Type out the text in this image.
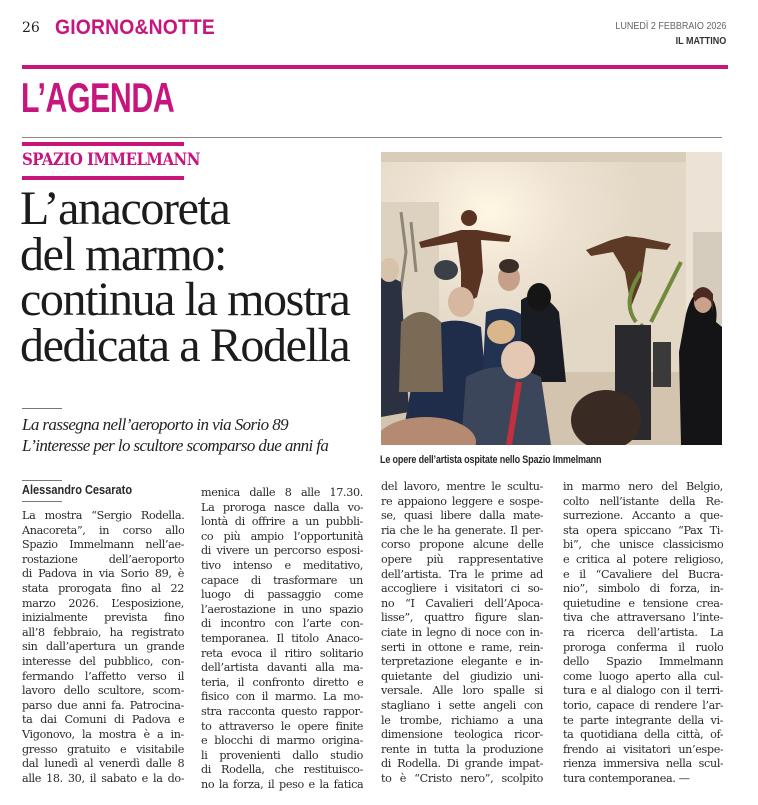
26 GIORNO&NOTTE	LUNEDÌ 2 FEBBRAIO 2026
IL MATTINO
L’AGENDA
SPAZIO IMMELMANN
L’anacoreta
del marmo:
continua la mostra
dedicata a Rodella
La rassegna nell’aeroporto in via Sorio 89
L’interesse per lo scultore scomparso due anni fa
Alessandro Cesarato
Le opere dell’artista ospitate nello Spazio Immelmann
La mostra “Sergio Rodella.
Anacoreta”, in corso allo
Spazio Immelmann nell’ae-
rostazione dell’aeroporto
di Padova in via Sorio 89, è
stata prorogata fino al 22
marzo 2026. L’esposizione,
inizialmente prevista fino
all’8 febbraio, ha registrato
sin dall’apertura un grande
interesse del pubblico, con-
fermando l’affetto verso il
lavoro dello scultore, scom-
parso due anni fa. Patrocina-
ta dai Comuni di Padova e
Vigonovo, la mostra è a in-
gresso gratuito e visitabile
dal lunedì al venerdì dalle 8
alle 18. 30, il sabato e la do-
menica dalle 8 alle 17.30.
La proroga nasce dalla vo-
lontà di offrire a un pubbli-
co più ampio l’opportunità
di vivere un percorso esposi-
tivo intenso e meditativo,
capace di trasformare un
luogo di passaggio come
l’aerostazione in uno spazio
di incontro con l’arte con-
temporanea. Il titolo Anaco-
reta evoca il ritiro solitario
dell’artista davanti alla ma-
teria, il confronto diretto e
fisico con il marmo. La mo-
stra racconta questo rappor-
to attraverso le opere finite
e blocchi di marmo origina-
li provenienti dallo studio
di Rodella, che restituisco-
no la forza, il peso e la fatica
del lavoro, mentre le scultu-
re appaiono leggere e sospe-
se, quasi libere dalla mate-
ria che le ha generate. Il per-
corso propone alcune delle
opere più rappresentative
dell’artista. Tra le prime ad
accogliere i visitatori ci so-
no “I Cavalieri dell’Apoca-
lisse”, quattro figure slan-
ciate in legno di noce con in-
serti in ottone e rame, rein-
terpretazione elegante e in-
quietante del giudizio uni-
versale. Alle loro spalle si
stagliano i sette angeli con
le trombe, richiamo a una
dimensione teologica ricor-
rente in tutta la produzione
di Rodella. Di grande impat-
to è “Cristo nero”, scolpito
in marmo nero del Belgio,
colto nell’istante della Re-
surrezione. Accanto a que-
sta opera spiccano “Pax Ti-
bi”, che unisce classicismo
e critica al potere religioso,
e il “Cavaliere del Bucra-
nio”, simbolo di forza, in-
quietudine e tensione crea-
tiva che attraversano l’inte-
ra ricerca dell’artista. La
proroga conferma il ruolo
dello Spazio Immelmann
come luogo aperto alla cul-
tura e al dialogo con il terri-
torio, capace di rendere l’ar-
te parte integrante della vi-
ta quotidiana della città, of-
frendo ai visitatori un’espe-
rienza immersiva nella scul-
tura contemporanea. —
